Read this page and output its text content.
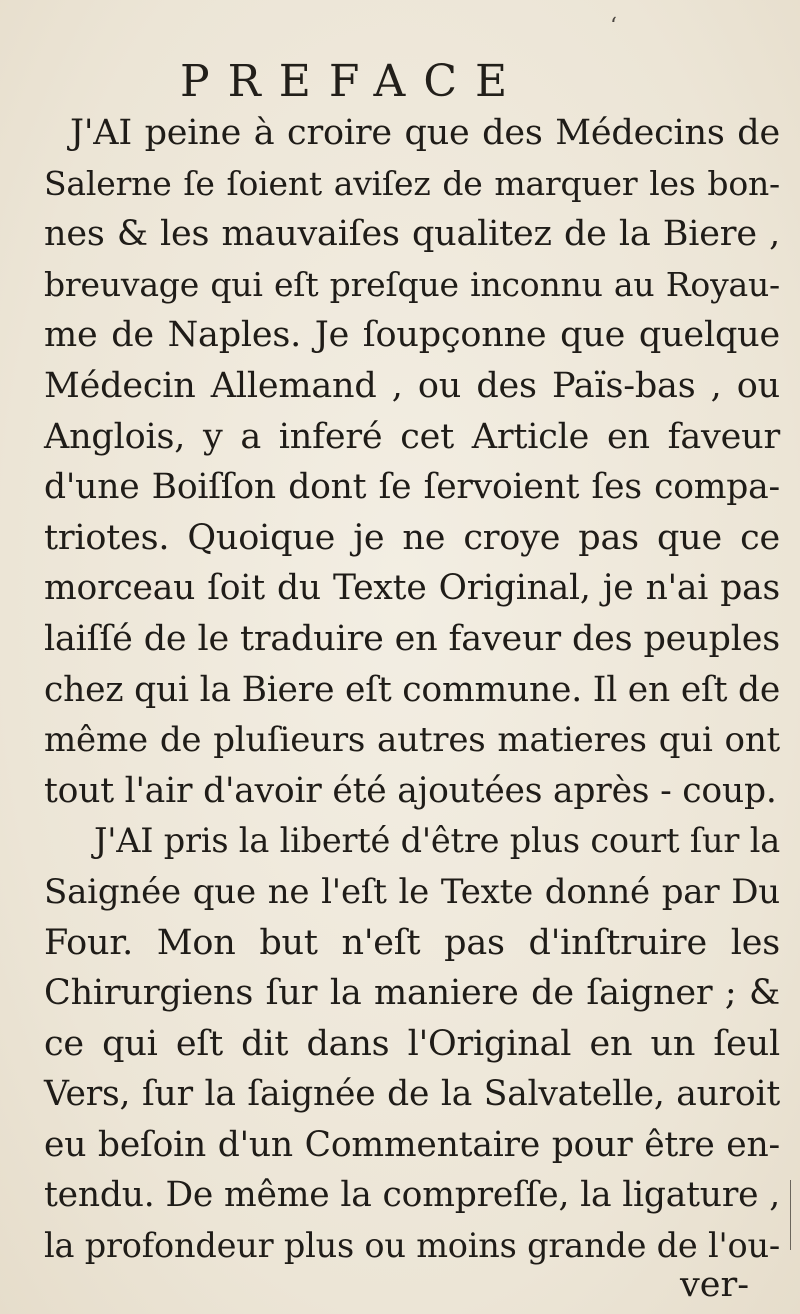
ʻ
PREFACE
J'AI peine à croire que des Médecins de
Salerne ſe ſoient aviſez de marquer les bon-
nes & les mauvaiſes qualitez de la Biere ,
breuvage qui eſt preſque inconnu au Royau-
me de Naples. Je ſoupçonne que quelque
Médecin Allemand , ou des Païs-bas , ou
Anglois, y a inferé cet Article en faveur
d'une Boiſſon dont ſe ſervoient ſes compa-
triotes. Quoique je ne croye pas que ce
morceau ſoit du Texte Original, je n'ai pas
laiſſé de le traduire en faveur des peuples
chez qui la Biere eſt commune. Il en eſt de
même de pluſieurs autres matieres qui ont
tout l'air d'avoir été ajoutées après - coup.
J'AI pris la liberté d'être plus court ſur la
Saignée que ne l'eſt le Texte donné par Du
Four. Mon but n'eſt pas d'inſtruire les
Chirurgiens ſur la maniere de ſaigner ; &
ce qui eſt dit dans l'Original en un ſeul
Vers, ſur la ſaignée de la Salvatelle, auroit
eu beſoin d'un Commentaire pour être en-
tendu. De même la compreſſe, la ligature ,
la profondeur plus ou moins grande de l'ou-
ver-
